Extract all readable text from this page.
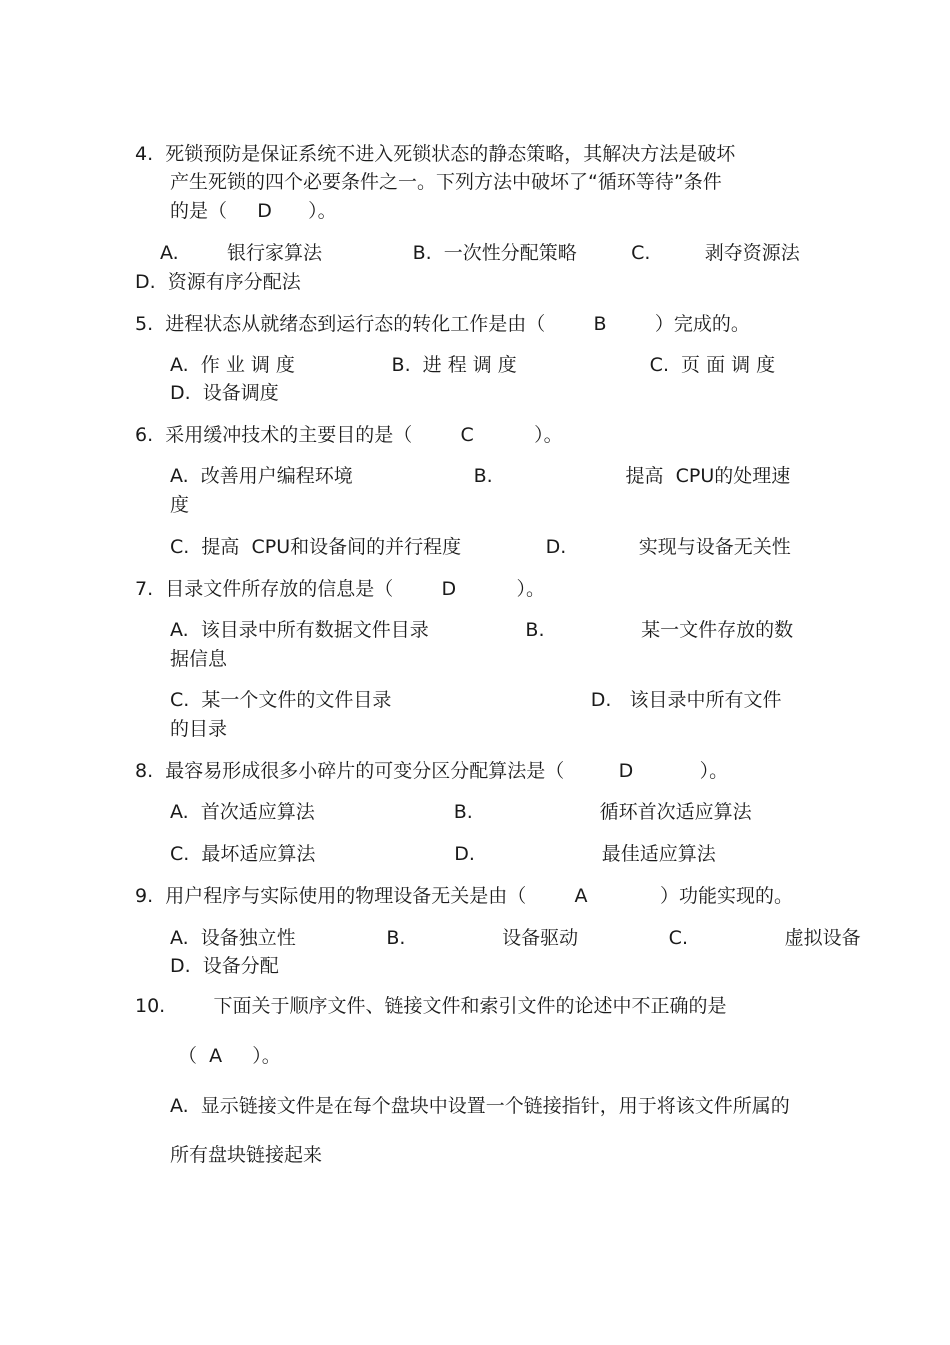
4.  死锁预防是保证系统不进入死锁状态的静态策略，其解决方法是破坏
产生死锁的四个必要条件之一。下列方法中破坏了“循环等待”条件
的是（     D      ）。
A.        银行家算法               B.  一次性分配策略         C.         剥夺资源法
D.  资源有序分配法
5.  进程状态从就绪态到运行态的转化工作是由（        B        ）完成的。
A.  作 业 调 度                B.  进 程 调 度                      C.  页 面 调 度
D.  设备调度
6.  采用缓冲技术的主要目的是（        C          ）。
A.  改善用户编程环境                    B.                      提高  CPU的处理速
度
C.  提高  CPU和设备间的并行程度              D.            实现与设备无关性
7.  目录文件所存放的信息是（        D          ）。
A.  该目录中所有数据文件目录                B.                某一文件存放的数
据信息
C.  某一个文件的文件目录                                 D.   该目录中所有文件
的目录
8.  最容易形成很多小碎片的可变分区分配算法是（         D           ）。
A.  首次适应算法                       B.                     循环首次适应算法
C.  最坏适应算法                       D.                     最佳适应算法
9.  用户程序与实际使用的物理设备无关是由（        A            ）功能实现的。
A.  设备独立性               B.                设备驱动               C.                虚拟设备
D.  设备分配
10.        下面关于顺序文件、链接文件和索引文件的论述中不正确的是
（  A     ）。
A.  显示链接文件是在每个盘块中设置一个链接指针，用于将该文件所属的
所有盘块链接起来
